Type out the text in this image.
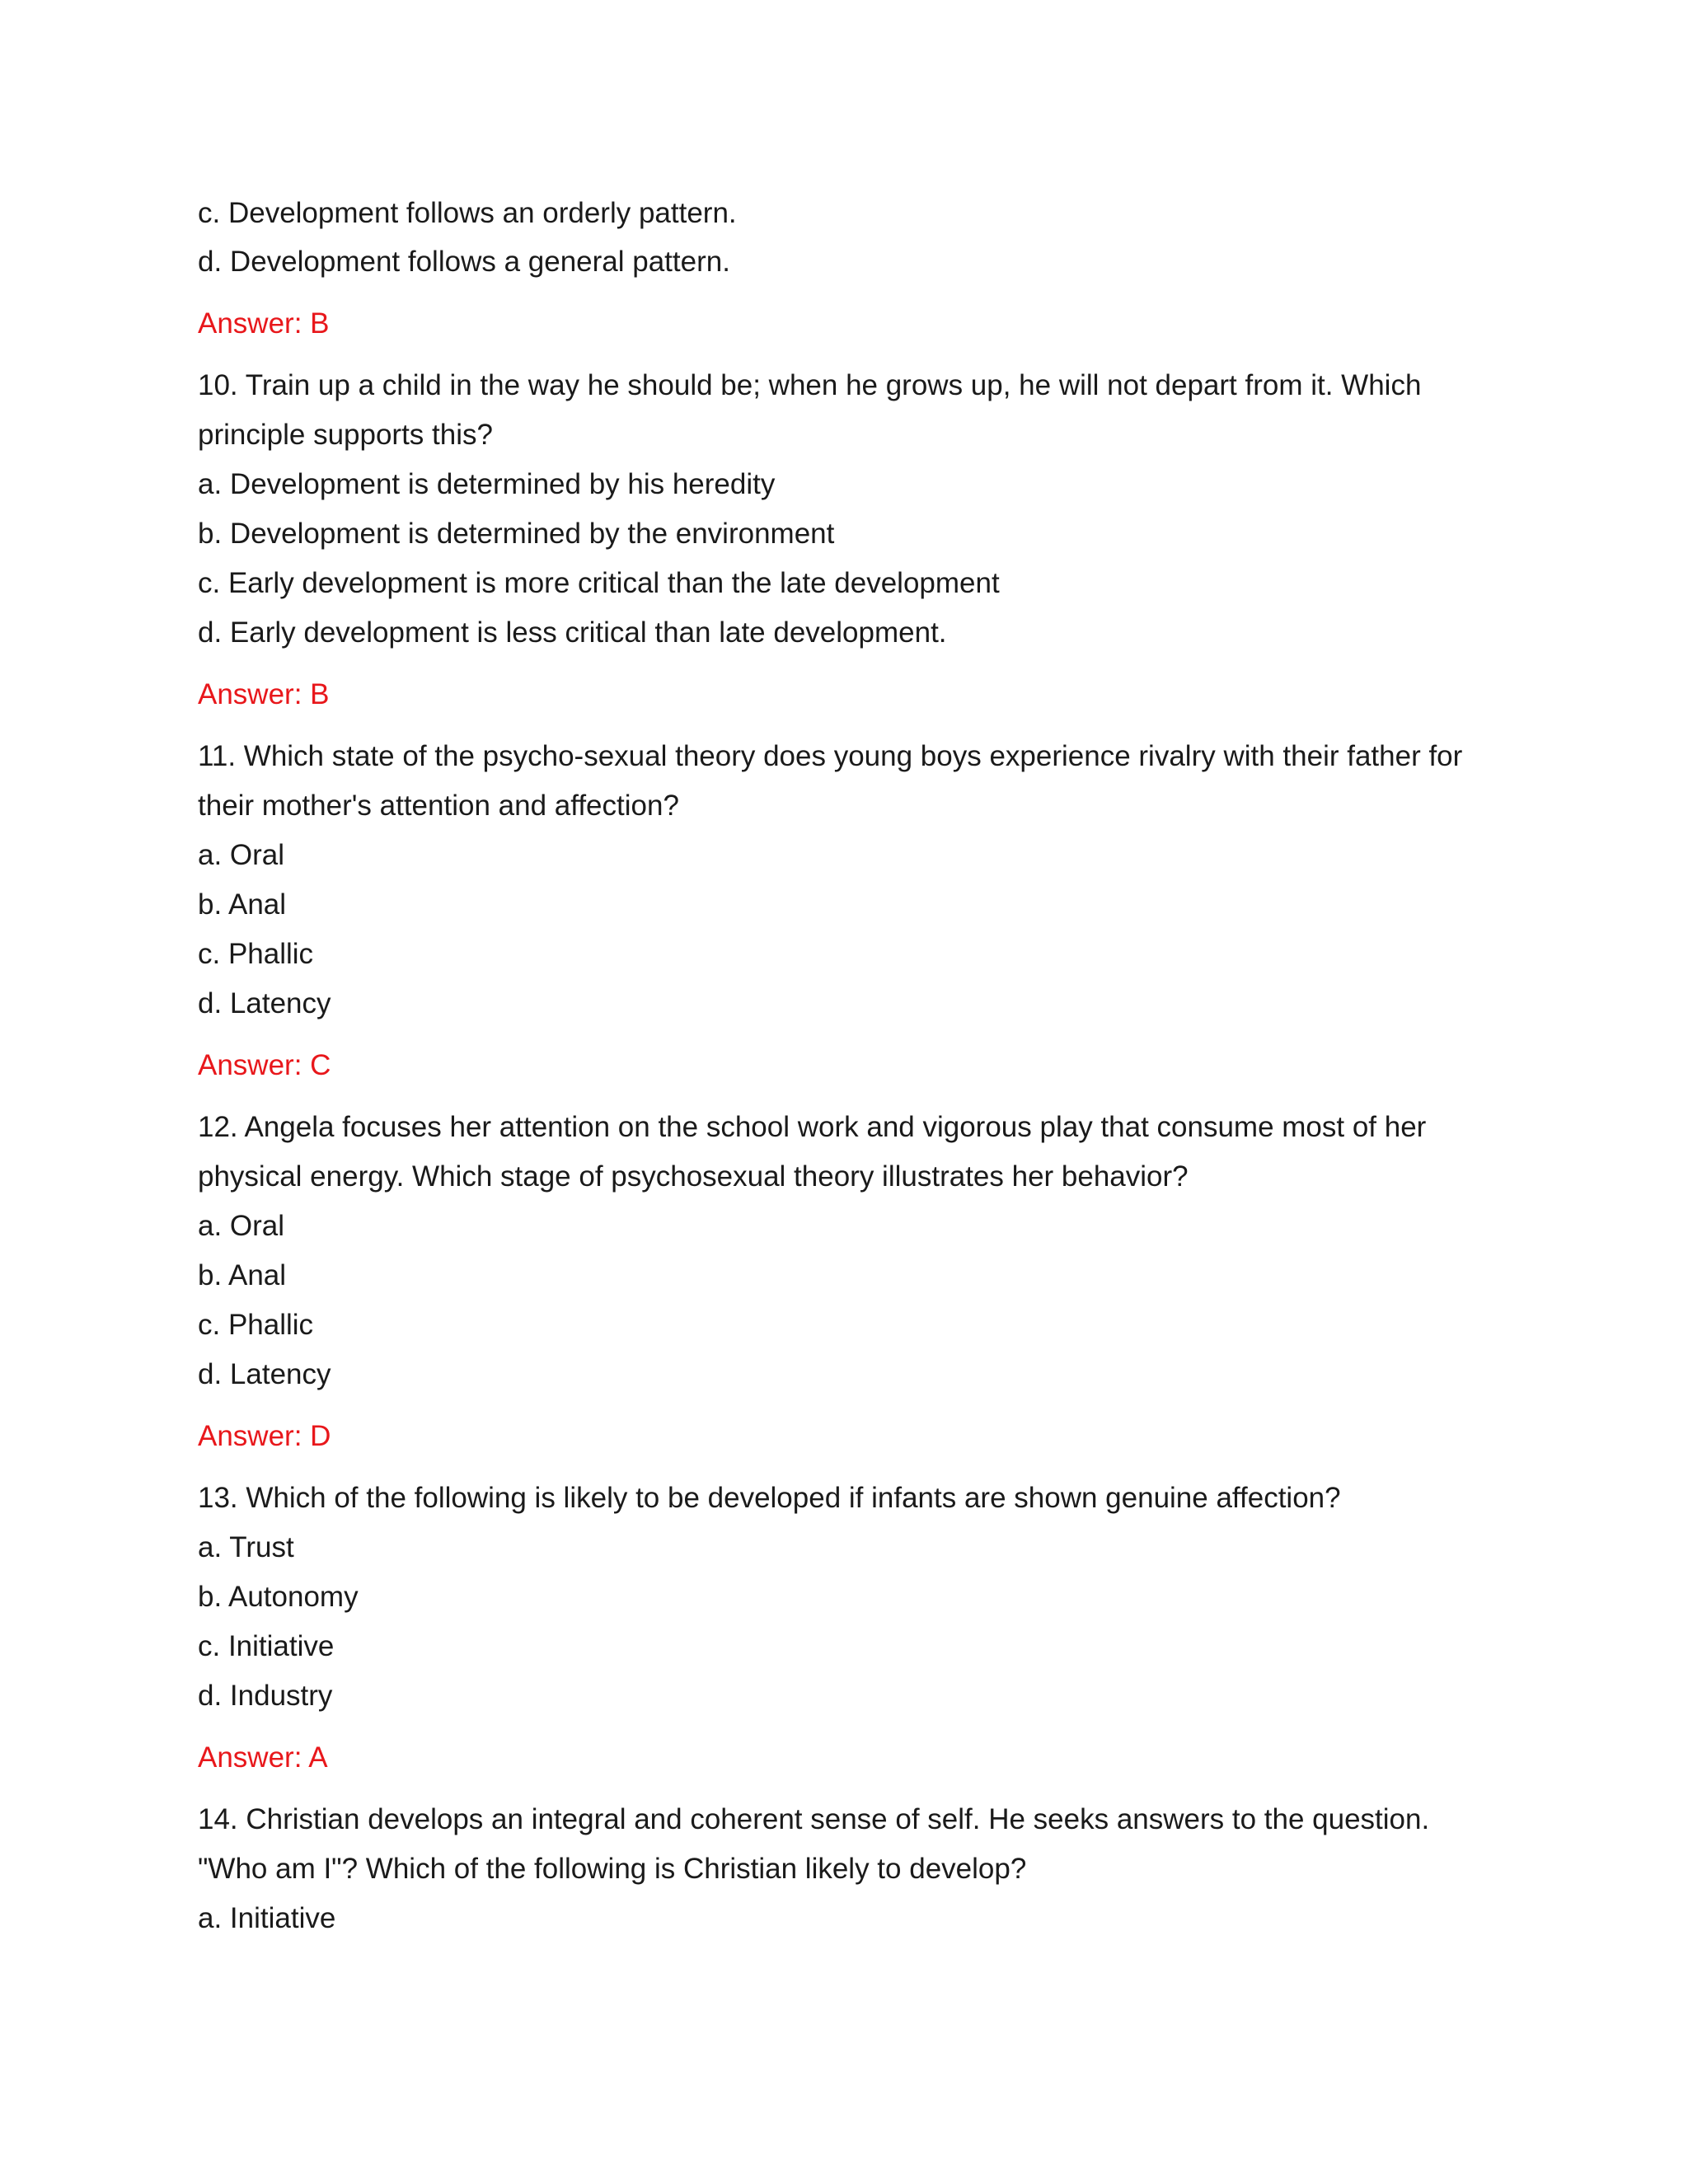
c. Development follows an orderly pattern.

d. Development follows a general pattern.

Answer: B

10. Train up a child in the way he should be; when he grows up, he will not depart from it. Which

principle supports this?

a. Development is determined by his heredity

b. Development is determined by the environment

c. Early development is more critical than the late development

d. Early development is less critical than late development.

Answer: B

11. Which state of the psycho-sexual theory does young boys experience rivalry with their father for

their mother's attention and affection?

a. Oral

b. Anal

c. Phallic

d. Latency

Answer: C

12. Angela focuses her attention on the school work and vigorous play that consume most of her

physical energy. Which stage of psychosexual theory illustrates her behavior?

a. Oral

b. Anal

c. Phallic

d. Latency

Answer: D

13. Which of the following is likely to be developed if infants are shown genuine affection?

a. Trust

b. Autonomy

c. Initiative

d. Industry

Answer: A

14. Christian develops an integral and coherent sense of self. He seeks answers to the question.

"Who am I"? Which of the following is Christian likely to develop?

a. Initiative
